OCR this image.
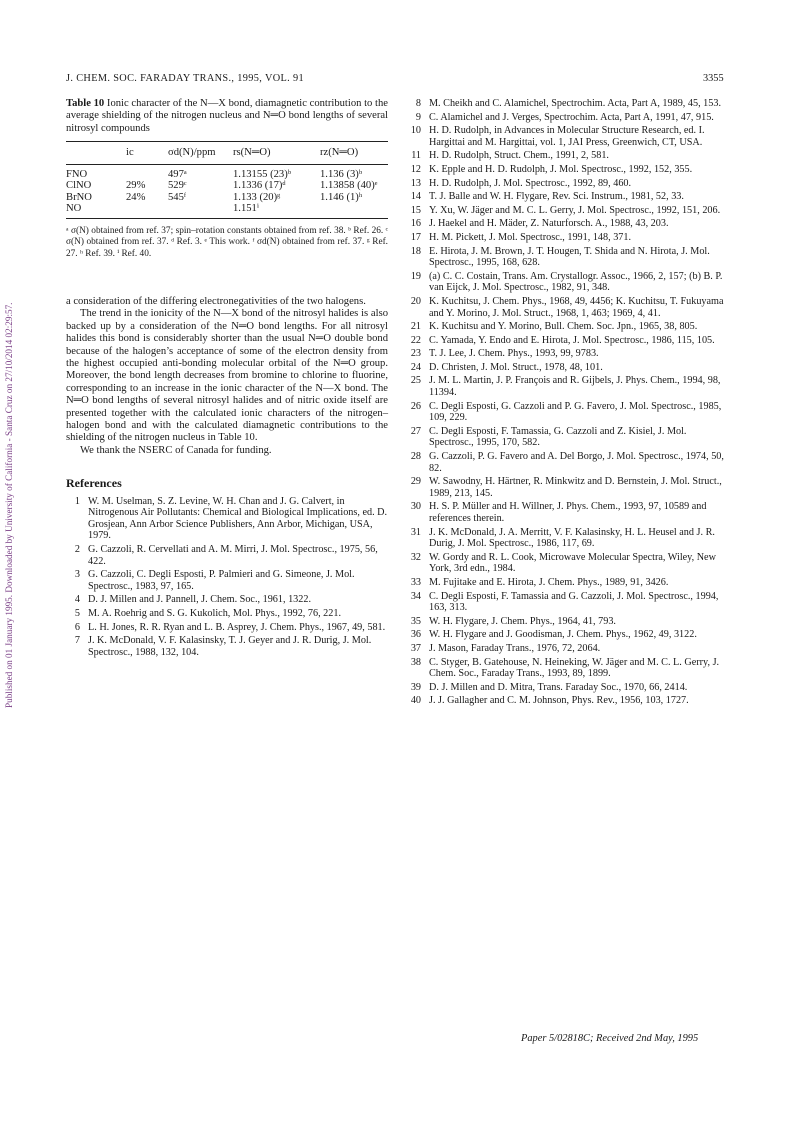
Published on 01 January 1995. Downloaded by University of California - Santa Cruz on 27/10/2014 02:29:57.
J. CHEM. SOC. FARADAY TRANS., 1995, VOL. 91	3355
Table 10 Ionic character of the N—X bond, diamagnetic contribution to the average shielding of the nitrogen nucleus and N═O bond lengths of several nitrosyl compounds
	ic	σd(N)/ppm	rs(N═O)	rz(N═O)
FNO		497ᵃ	1.13155 (23)ᵇ	1.136 (3)ᵇ
ClNO	29%	529ᶜ	1.1336 (17)ᵈ	1.13858 (40)ᵉ
BrNO	24%	545ᶠ	1.133 (20)ᵍ	1.146 (1)ʰ
NO			1.151ⁱ	
ᵃ σ(N) obtained from ref. 37; spin–rotation constants obtained from ref. 38. ᵇ Ref. 26. ᶜ σ(N) obtained from ref. 37. ᵈ Ref. 3. ᵉ This work. ᶠ σd(N) obtained from ref. 37. ᵍ Ref. 27. ʰ Ref. 39. ⁱ Ref. 40.

a consideration of the differing electronegativities of the two halogens.

The trend in the ionicity of the N—X bond of the nitrosyl halides is also backed up by a consideration of the N═O bond lengths. For all nitrosyl halides this bond is considerably shorter than the usual N═O double bond because of the halogen’s acceptance of some of the electron density from the highest occupied anti-bonding molecular orbital of the N═O group. Moreover, the bond length decreases from bromine to chlorine to fluorine, corresponding to an increase in the ionic character of the N—X bond. The N═O bond lengths of several nitrosyl halides and of nitric oxide itself are presented together with the calculated ionic characters of the nitrogen–halogen bond and with the calculated diamagnetic contributions to the shielding of the nitrogen nucleus in Table 10.

We thank the NSERC of Canada for funding.

References
1 W. M. Uselman, S. Z. Levine, W. H. Chan and J. G. Calvert, in Nitrogenous Air Pollutants: Chemical and Biological Implications, ed. D. Grosjean, Ann Arbor Science Publishers, Ann Arbor, Michigan, USA, 1979.
2 G. Cazzoli, R. Cervellati and A. M. Mirri, J. Mol. Spectrosc., 1975, 56, 422.
3 G. Cazzoli, C. Degli Esposti, P. Palmieri and G. Simeone, J. Mol. Spectrosc., 1983, 97, 165.
4 D. J. Millen and J. Pannell, J. Chem. Soc., 1961, 1322.
5 M. A. Roehrig and S. G. Kukolich, Mol. Phys., 1992, 76, 221.
6 L. H. Jones, R. R. Ryan and L. B. Asprey, J. Chem. Phys., 1967, 49, 581.
7 J. K. McDonald, V. F. Kalasinsky, T. J. Geyer and J. R. Durig, J. Mol. Spectrosc., 1988, 132, 104.
8 M. Cheikh and C. Alamichel, Spectrochim. Acta, Part A, 1989, 45, 153.
9 C. Alamichel and J. Verges, Spectrochim. Acta, Part A, 1991, 47, 915.
10 H. D. Rudolph, in Advances in Molecular Structure Research, ed. I. Hargittai and M. Hargittai, vol. 1, JAI Press, Greenwich, CT, USA.
11 H. D. Rudolph, Struct. Chem., 1991, 2, 581.
12 K. Epple and H. D. Rudolph, J. Mol. Spectrosc., 1992, 152, 355.
13 H. D. Rudolph, J. Mol. Spectrosc., 1992, 89, 460.
14 T. J. Balle and W. H. Flygare, Rev. Sci. Instrum., 1981, 52, 33.
15 Y. Xu, W. Jäger and M. C. L. Gerry, J. Mol. Spectrosc., 1992, 151, 206.
16 J. Haekel and H. Mäder, Z. Naturforsch. A., 1988, 43, 203.
17 H. M. Pickett, J. Mol. Spectrosc., 1991, 148, 371.
18 E. Hirota, J. M. Brown, J. T. Hougen, T. Shida and N. Hirota, J. Mol. Spectrosc., 1995, 168, 628.
19 (a) C. C. Costain, Trans. Am. Crystallogr. Assoc., 1966, 2, 157; (b) B. P. van Eijck, J. Mol. Spectrosc., 1982, 91, 348.
20 K. Kuchitsu, J. Chem. Phys., 1968, 49, 4456; K. Kuchitsu, T. Fukuyama and Y. Morino, J. Mol. Struct., 1968, 1, 463; 1969, 4, 41.
21 K. Kuchitsu and Y. Morino, Bull. Chem. Soc. Jpn., 1965, 38, 805.
22 C. Yamada, Y. Endo and E. Hirota, J. Mol. Spectrosc., 1986, 115, 105.
23 T. J. Lee, J. Chem. Phys., 1993, 99, 9783.
24 D. Christen, J. Mol. Struct., 1978, 48, 101.
25 J. M. L. Martin, J. P. François and R. Gijbels, J. Phys. Chem., 1994, 98, 11394.
26 C. Degli Esposti, G. Cazzoli and P. G. Favero, J. Mol. Spectrosc., 1985, 109, 229.
27 C. Degli Esposti, F. Tamassia, G. Cazzoli and Z. Kisiel, J. Mol. Spectrosc., 1995, 170, 582.
28 G. Cazzoli, P. G. Favero and A. Del Borgo, J. Mol. Spectrosc., 1974, 50, 82.
29 W. Sawodny, H. Härtner, R. Minkwitz and D. Bernstein, J. Mol. Struct., 1989, 213, 145.
30 H. S. P. Müller and H. Willner, J. Phys. Chem., 1993, 97, 10589 and references therein.
31 J. K. McDonald, J. A. Merritt, V. F. Kalasinsky, H. L. Heusel and J. R. Durig, J. Mol. Spectrosc., 1986, 117, 69.
32 W. Gordy and R. L. Cook, Microwave Molecular Spectra, Wiley, New York, 3rd edn., 1984.
33 M. Fujitake and E. Hirota, J. Chem. Phys., 1989, 91, 3426.
34 C. Degli Esposti, F. Tamassia and G. Cazzoli, J. Mol. Spectrosc., 1994, 163, 313.
35 W. H. Flygare, J. Chem. Phys., 1964, 41, 793.
36 W. H. Flygare and J. Goodisman, J. Chem. Phys., 1962, 49, 3122.
37 J. Mason, Faraday Trans., 1976, 72, 2064.
38 C. Styger, B. Gatehouse, N. Heineking, W. Jäger and M. C. L. Gerry, J. Chem. Soc., Faraday Trans., 1993, 89, 1899.
39 D. J. Millen and D. Mitra, Trans. Faraday Soc., 1970, 66, 2414.
40 J. J. Gallagher and C. M. Johnson, Phys. Rev., 1956, 103, 1727.
Paper 5/02818C; Received 2nd May, 1995
